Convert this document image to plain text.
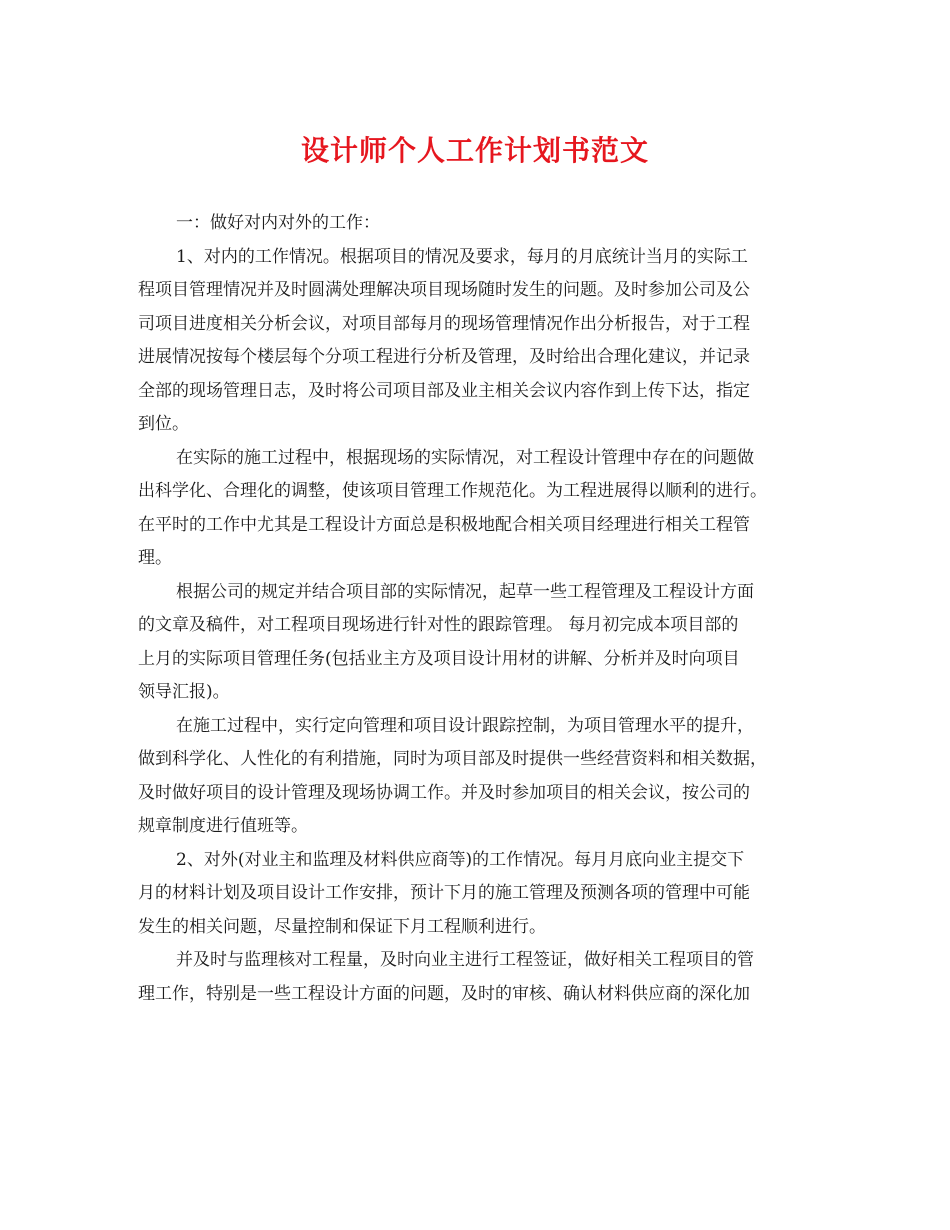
设计师个人工作计划书范文
一：做好对内对外的工作：
1、对内的工作情况。根据项目的情况及要求，每月的月底统计当月的实际工
程项目管理情况并及时圆满处理解决项目现场随时发生的问题。及时参加公司及公
司项目进度相关分析会议，对项目部每月的现场管理情况作出分析报告，对于工程
进展情况按每个楼层每个分项工程进行分析及管理，及时给出合理化建议，并记录
全部的现场管理日志，及时将公司项目部及业主相关会议内容作到上传下达，指定
到位。
在实际的施工过程中，根据现场的实际情况，对工程设计管理中存在的问题做
出科学化、合理化的调整，使该项目管理工作规范化。为工程进展得以顺利的进行。
在平时的工作中尤其是工程设计方面总是积极地配合相关项目经理进行相关工程管
理。
根据公司的规定并结合项目部的实际情况，起草一些工程管理及工程设计方面
的文章及稿件，对工程项目现场进行针对性的跟踪管理。 每月初完成本项目部的
上月的实际项目管理任务(包括业主方及项目设计用材的讲解、分析并及时向项目
领导汇报)。
在施工过程中，实行定向管理和项目设计跟踪控制，为项目管理水平的提升，
做到科学化、人性化的有利措施，同时为项目部及时提供一些经营资料和相关数据，
及时做好项目的设计管理及现场协调工作。并及时参加项目的相关会议，按公司的
规章制度进行值班等。
2、对外(对业主和监理及材料供应商等)的工作情况。每月月底向业主提交下
月的材料计划及项目设计工作安排，预计下月的施工管理及预测各项的管理中可能
发生的相关问题，尽量控制和保证下月工程顺利进行。
并及时与监理核对工程量，及时向业主进行工程签证，做好相关工程项目的管
理工作，特别是一些工程设计方面的问题，及时的审核、确认材料供应商的深化加
